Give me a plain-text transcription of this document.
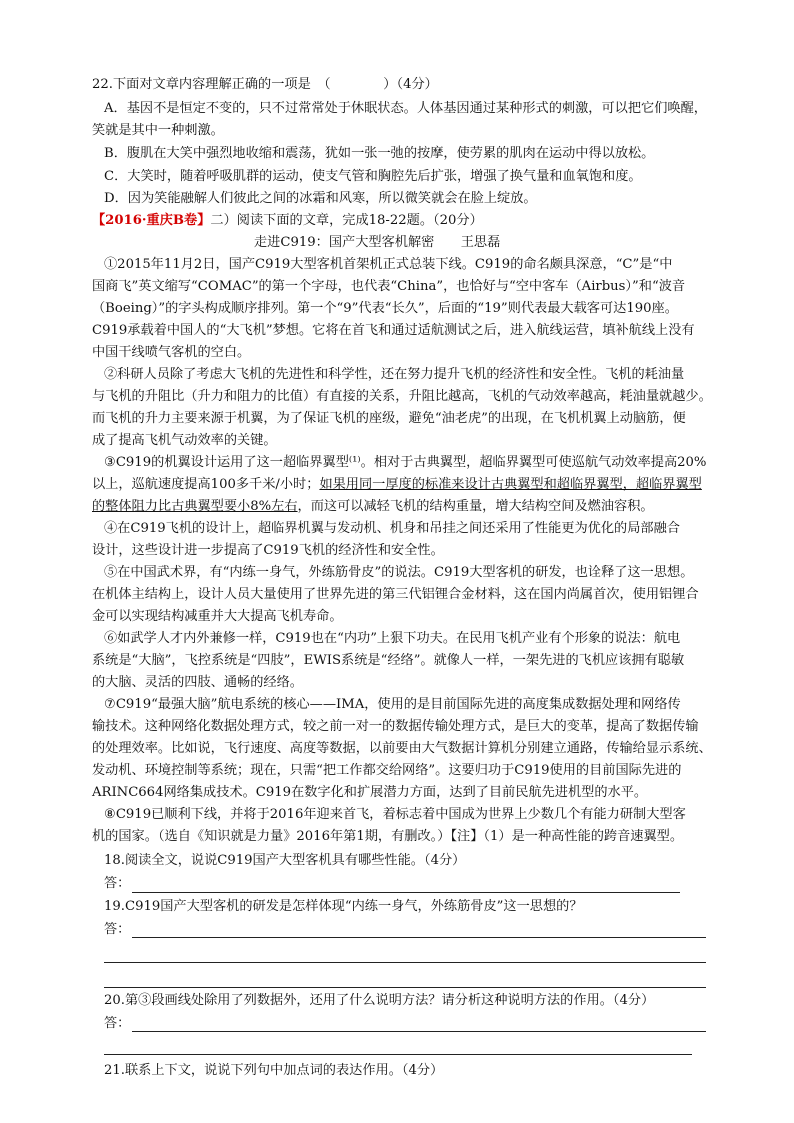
22.下面对文章内容理解正确的一项是　（　　　　）（4分）
A．基因不是恒定不变的，只不过常常处于休眠状态。人体基因通过某种形式的刺激，可以把它们唤醒，
笑就是其中一种刺激。
B．腹肌在大笑中强烈地收缩和震荡，犹如一张一弛的按摩，使劳累的肌肉在运动中得以放松。
C．大笑时，随着呼吸肌群的运动，使支气管和胸腔先后扩张，增强了换气量和血氧饱和度。
D．因为笑能融解人们彼此之间的冰霜和风寒，所以微笑就会在脸上绽放。
【2016·重庆B卷】二）阅读下面的文章，完成18-22题。（20分）
走进C919：国产大型客机解密　　王思磊
①2015年11月2日，国产C919大型客机首架机正式总装下线。C919的命名颇具深意，“C”是“中
国商飞”英文缩写“COMAC”的第一个字母，也代表“China”，也恰好与“空中客车（Airbus）”和“波音
（Boeing）”的字头构成顺序排列。第一个“9”代表“长久”，后面的“19”则代表最大载客可达190座。
C919承载着中国人的“大飞机”梦想。它将在首飞和通过适航测试之后，进入航线运营，填补航线上没有
中国干线喷气客机的空白。
②科研人员除了考虑大飞机的先进性和科学性，还在努力提升飞机的经济性和安全性。飞机的耗油量
与飞机的升阻比（升力和阻力的比值）有直接的关系，升阻比越高，飞机的气动效率越高，耗油量就越少。
而飞机的升力主要来源于机翼，为了保证飞机的座级，避免“油老虎”的出现，在飞机机翼上动脑筋，便
成了提高飞机气动效率的关键。
③C919的机翼设计运用了这一超临界翼型⁽¹⁾。相对于古典翼型，超临界翼型可使巡航气动效率提高20%
以上，巡航速度提高100多千米/小时；如果用同一厚度的标准来设计古典翼型和超临界翼型，超临界翼型
的整体阻力比古典翼型要小8%左右，而这可以减轻飞机的结构重量，增大结构空间及燃油容积。
④在C919飞机的设计上，超临界机翼与发动机、机身和吊挂之间还采用了性能更为优化的局部融合
设计，这些设计进一步提高了C919飞机的经济性和安全性。
⑤在中国武术界，有“内练一身气，外练筋骨皮”的说法。C919大型客机的研发，也诠释了这一思想。
在机体主结构上，设计人员大量使用了世界先进的第三代铝锂合金材料，这在国内尚属首次，使用铝锂合
金可以实现结构减重并大大提高飞机寿命。
⑥如武学人才内外兼修一样，C919也在“内功”上狠下功夫。在民用飞机产业有个形象的说法：航电
系统是“大脑”，飞控系统是“四肢”，EWIS系统是“经络”。就像人一样，一架先进的飞机应该拥有聪敏
的大脑、灵活的四肢、通畅的经络。
⑦C919“最强大脑”航电系统的核心——IMA，使用的是目前国际先进的高度集成数据处理和网络传
输技术。这种网络化数据处理方式，较之前一对一的数据传输处理方式，是巨大的变革，提高了数据传输
的处理效率。比如说，飞行速度、高度等数据，以前要由大气数据计算机分别建立通路，传输给显示系统、
发动机、环境控制等系统；现在，只需“把工作都交给网络”。这要归功于C919使用的目前国际先进的
ARINC664网络集成技术。C919在数字化和扩展潜力方面，达到了目前民航先进机型的水平。
⑧C919已顺利下线，并将于2016年迎来首飞，着标志着中国成为世界上少数几个有能力研制大型客
机的国家。（选自《知识就是力量》2016年第1期，有删改。）【注】（1）是一种高性能的跨音速翼型。
18.阅读全文，说说C919国产大型客机具有哪些性能。（4分）
答：
19.C919国产大型客机的研发是怎样体现“内练一身气，外练筋骨皮”这一思想的？
答：
20.第③段画线处除用了列数据外，还用了什么说明方法？请分析这种说明方法的作用。（4分）
答：
21.联系上下文，说说下列句中加点词的表达作用。（4分）
